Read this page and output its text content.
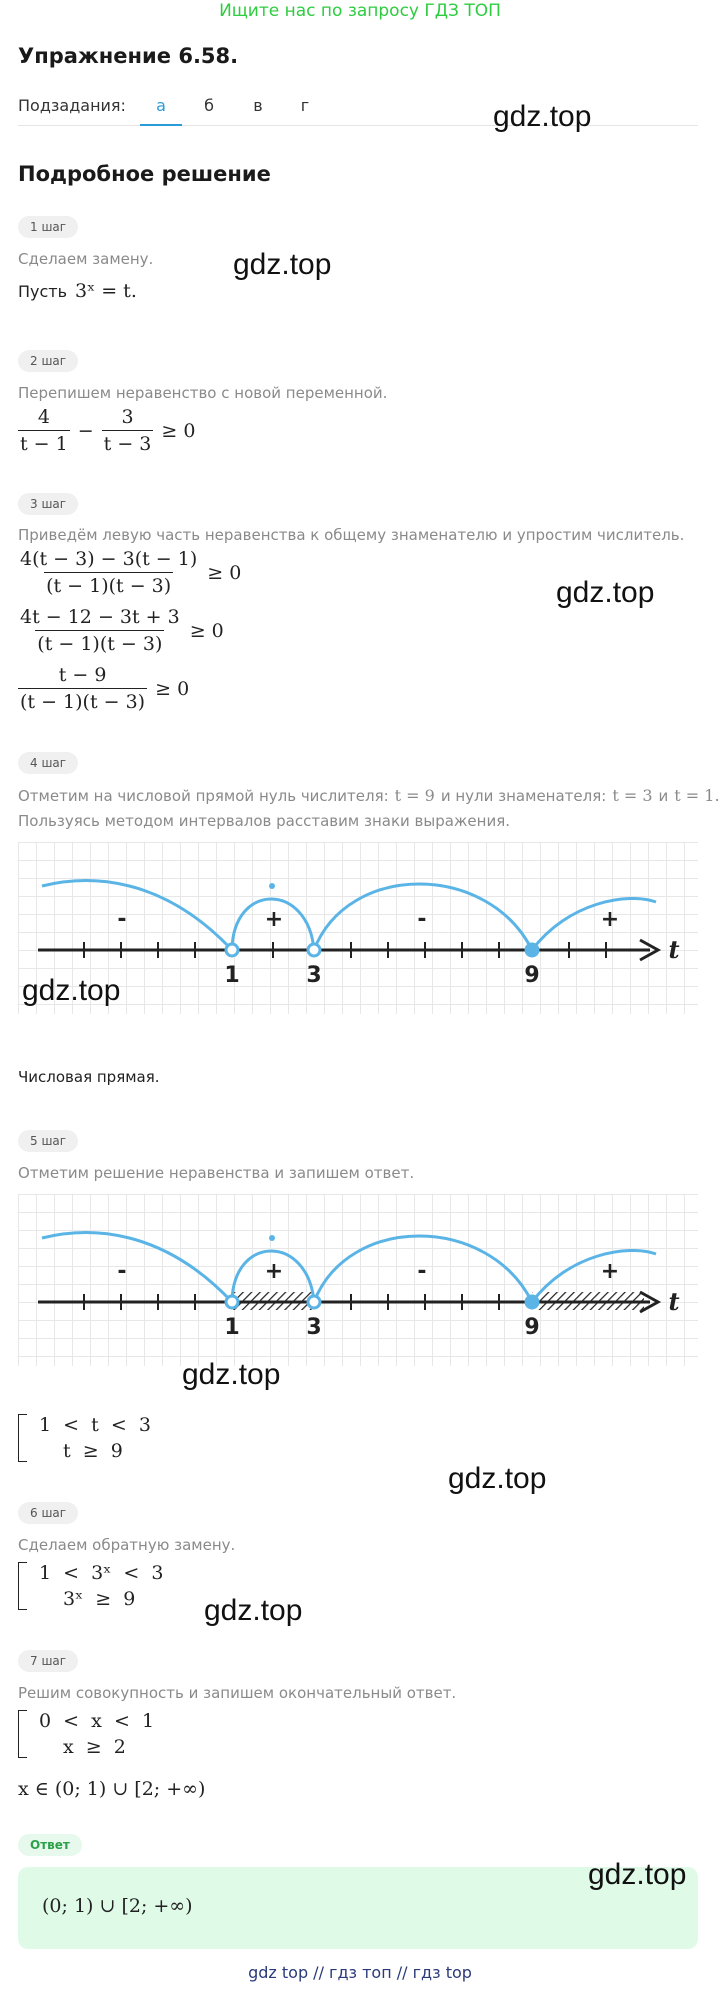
Ищите нас по запросу ГДЗ ТОП
Упражнение 6.58.
Подзадания:	а	б	в	г
Подробное решение
1 шаг
Сделаем замену.
Пусть 3ˣ = t.
2 шаг
Перепишем неравенство с новой переменной.
$\frac{4}{t - 1} - \frac{3}{t - 3} \ge 0$
3 шаг
Приведём левую часть неравенства к общему знаменателю и упростим числитель.
$\frac{4(t - 3) - 3(t - 1)}{(t - 1)(t - 3)} \ge 0$
$\frac{4t - 12 - 3t + 3}{(t - 1)(t - 3)} \ge 0$
$\frac{t - 9}{(t - 1)(t - 3)} \ge 0$
4 шаг
Отметим на числовой прямой нуль числителя: t = 9 и нули знаменателя: t = 3 и t = 1.
Пользуясь методом интервалов расставим знаки выражения.
-	+	-	+
1	3	9
t
Числовая прямая.
5 шаг
Отметим решение неравенства и запишем ответ.
-	+	-	+
1	3	9
t
1  <  t  <  3
t  ≥  9
6 шаг
Сделаем обратную замену.
1  <  3ˣ  <  3
3ˣ  ≥  9
7 шаг
Решим совокупность и запишем окончательный ответ.
0  <  x  <  1
x  ≥  2
x ∈ (0; 1) ∪ [2; +∞)
Ответ
(0; 1) ∪ [2; +∞)
gdz.top
gdz.top
gdz.top
gdz.top
gdz.top
gdz.top
gdz.top
gdz.top
gdz top // гдз топ // гдз top
